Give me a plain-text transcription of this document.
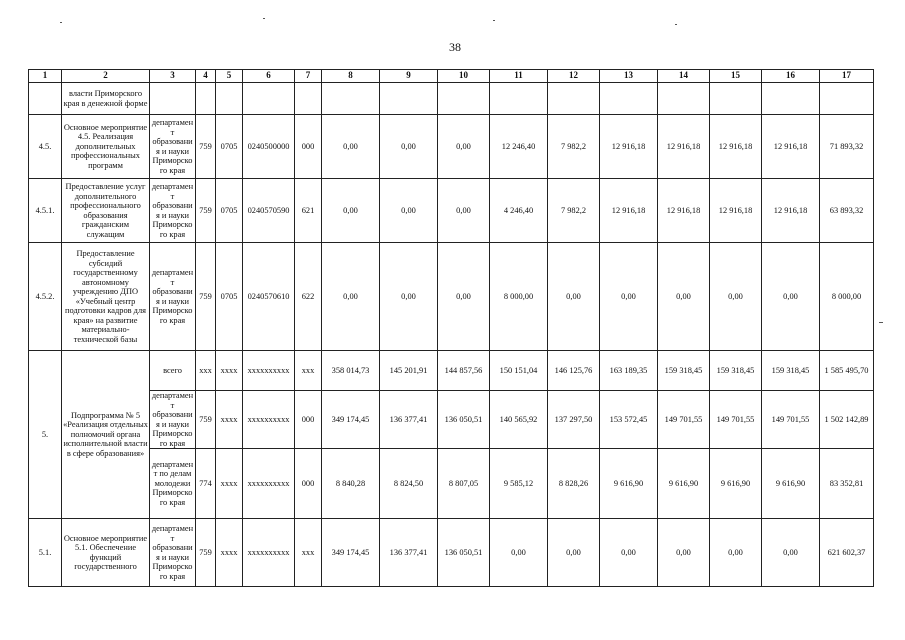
38
1	2	3	4	5	6	7	8	9	10	11	12	13	14	15	16	17
	власти Приморского края в денежной форме															
4.5.	Основное мероприятие 4.5. Реализация дополнительных профессиональных программ	департамент образования и науки Приморского края	759	0705	0240500000	000	0,00	0,00	0,00	12 246,40	7 982,2	12 916,18	12 916,18	12 916,18	12 916,18	71 893,32
4.5.1.	Предоставление услуг дополнительного профессионального образования гражданским служащим	департамент образования и науки Приморского края	759	0705	0240570590	621	0,00	0,00	0,00	4 246,40	7 982,2	12 916,18	12 916,18	12 916,18	12 916,18	63 893,32
4.5.2.	Предоставление субсидий государственному автономному учреждению ДПО «Учебный центр подготовки кадров для края» на развитие материально-технической базы	департамент образования и науки Приморского края	759	0705	0240570610	622	0,00	0,00	0,00	8 000,00	0,00	0,00	0,00	0,00	0,00	8 000,00
5.	Подпрограмма № 5 «Реализация отдельных полномочий органа исполнительной власти в сфере образования»	всего	xxx	xxxx	xxxxxxxxxx	xxx	358 014,73	145 201,91	144 857,56	150 151,04	146 125,76	163 189,35	159 318,45	159 318,45	159 318,45	1 585 495,70
		департамент образования и науки Приморского края	759	xxxx	xxxxxxxxxx	000	349 174,45	136 377,41	136 050,51	140 565,92	137 297,50	153 572,45	149 701,55	149 701,55	149 701,55	1 502 142,89
		департамент по делам молодежи Приморского края	774	xxxx	xxxxxxxxxx	000	8 840,28	8 824,50	8 807,05	9 585,12	8 828,26	9 616,90	9 616,90	9 616,90	9 616,90	83 352,81
5.1.	Основное мероприятие 5.1. Обеспечение функций государственного	департамент образования и науки Приморского края	759	xxxx	xxxxxxxxxx	xxx	349 174,45	136 377,41	136 050,51	0,00	0,00	0,00	0,00	0,00	0,00	621 602,37
